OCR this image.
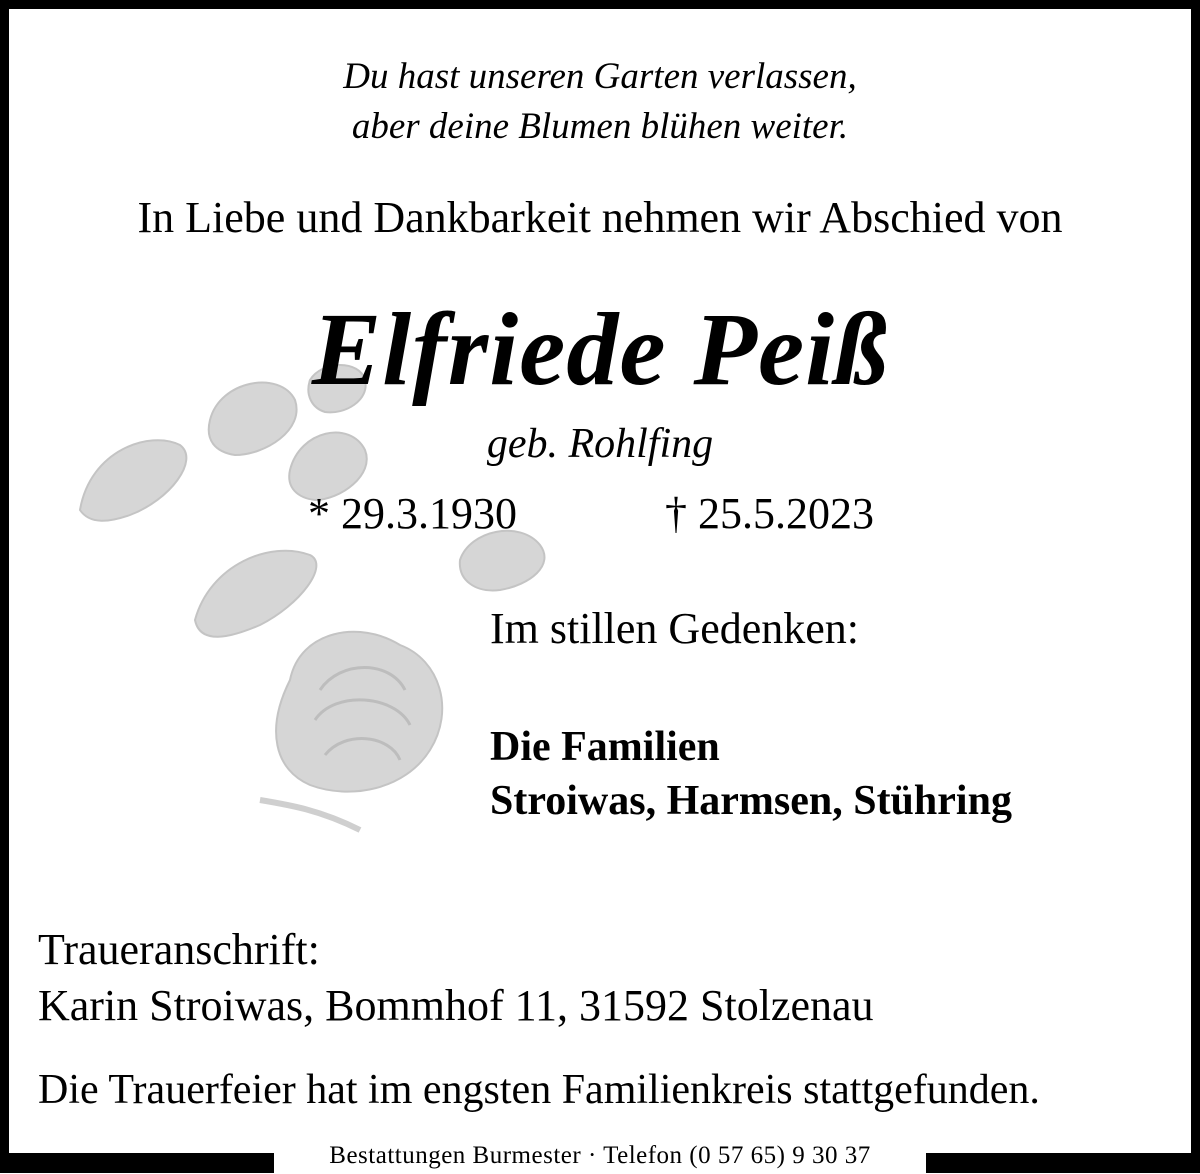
Du hast unseren Garten verlassen,
aber deine Blumen blühen weiter.
In Liebe und Dankbarkeit nehmen wir Abschied von
Elfriede Peiß
geb. Rohlfing
* 29.3.1930	† 25.5.2023
Im stillen Gedenken:
Die Familien
Stroiwas, Harmsen, Stühring
Traueranschrift:
Karin Stroiwas, Bommhof 11, 31592 Stolzenau
Die Trauerfeier hat im engsten Familienkreis stattgefunden.
Bestattungen Burmester · Telefon (0 57 65) 9 30 37
